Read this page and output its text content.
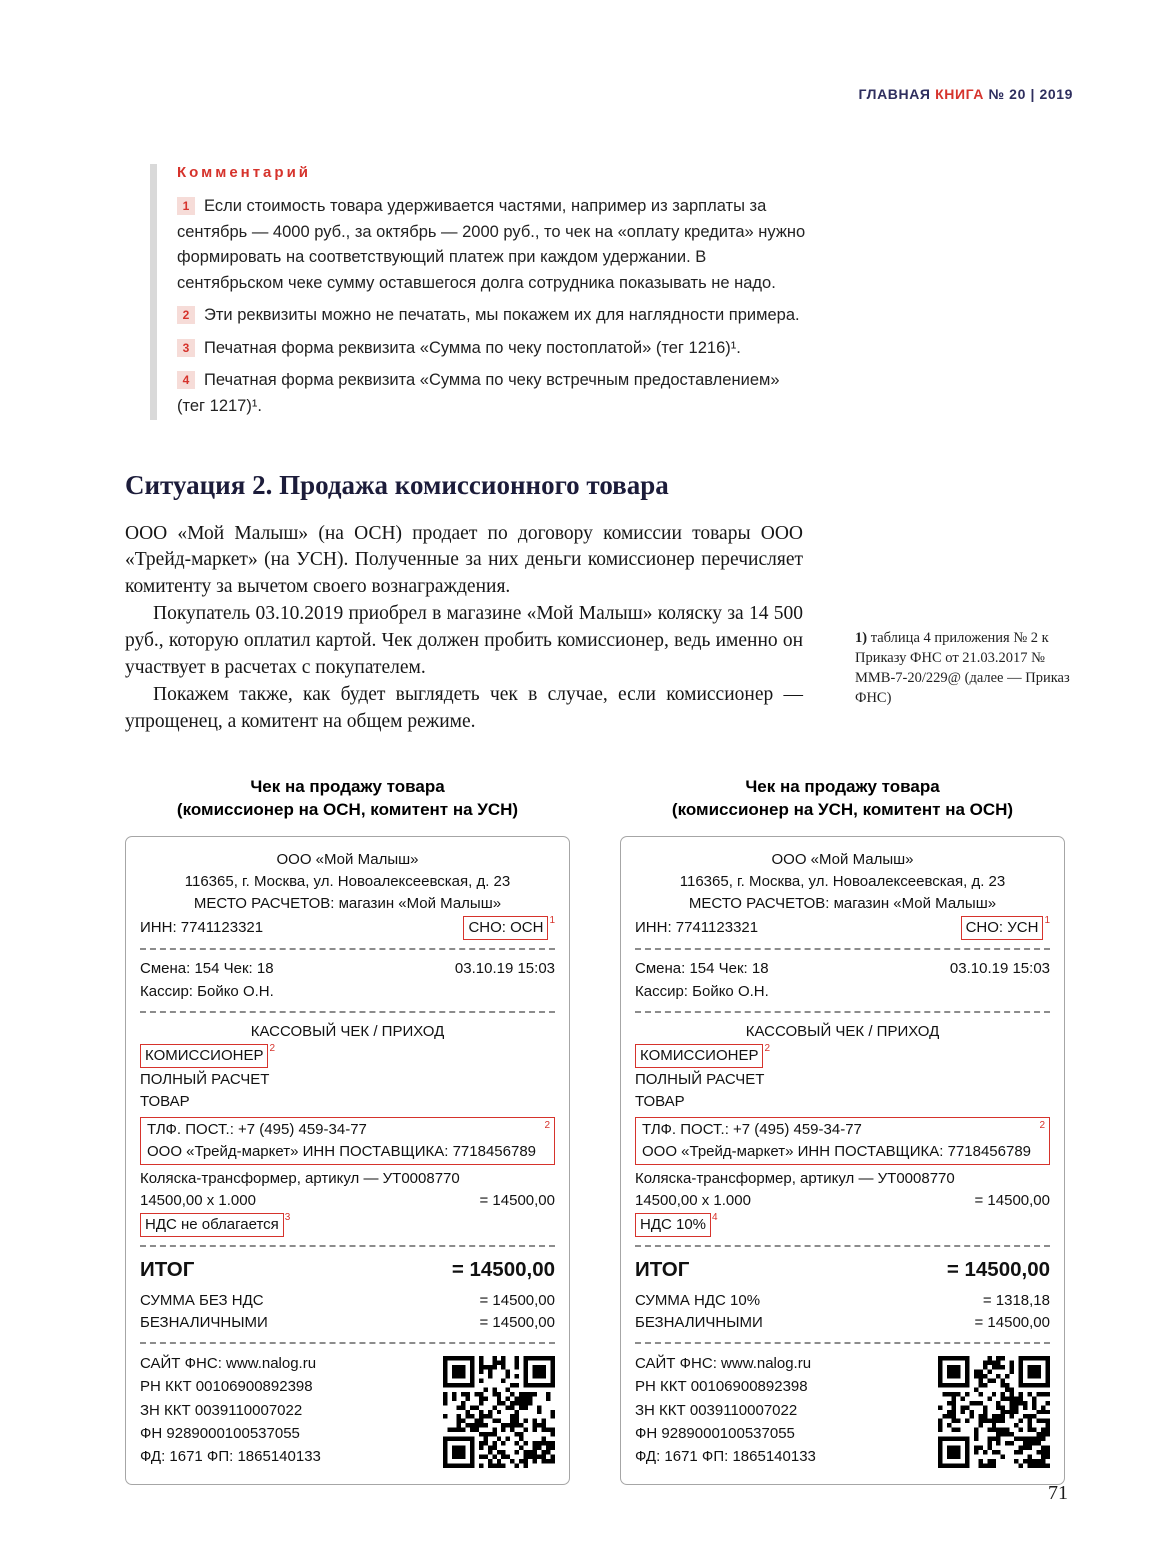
ГЛАВНАЯ КНИГА № 20 | 2019
Комментарий

1 Если стоимость товара удерживается частями, например из зарплаты за сентябрь — 4000 руб., за октябрь — 2000 руб., то чек на «оплату кредита» нужно формировать на соответствующий платеж при каждом удержании. В сентябрьском чеке сумму оставшегося долга сотрудника показывать не надо.

2 Эти реквизиты можно не печатать, мы покажем их для наглядности примера.

3 Печатная форма реквизита «Сумма по чеку постоплатой» (тег 1216)¹.

4 Печатная форма реквизита «Сумма по чеку встречным предоставлением» (тег 1217)¹.

Ситуация 2. Продажа комиссионного товара

ООО «Мой Малыш» (на ОСН) продает по договору комиссии товары ООО «Трейд-маркет» (на УСН). Полученные за них деньги комиссионер перечисляет комитенту за вычетом своего вознаграждения.

Покупатель 03.10.2019 приобрел в магазине «Мой Малыш» коляску за 14 500 руб., которую оплатил картой. Чек должен пробить комиссионер, ведь именно он участвует в расчетах с покупателем.

Покажем также, как будет выглядеть чек в случае, если комиссионер — упрощенец, а комитент на общем режиме.

1) таблица 4 приложения № 2 к Приказу ФНС от 21.03.2017 № ММВ-7-20/229@ (далее — Приказ ФНС)
Чек на продажу товара
(комиссионер на ОСН, комитент на УСН)
ООО «Мой Малыш»
116365, г. Москва, ул. Новоалексеевская, д. 23
МЕСТО РАСЧЕТОВ: магазин «Мой Малыш»
ИНН: 7741123321	СНО: ОСН $^1$
Смена: 154 Чек: 18	03.10.19 15:03
Кассир: Бойко О.Н.
КАССОВЫЙ ЧЕК / ПРИХОД
КОМИССИОНЕР $^2$
ПОЛНЫЙ РАСЧЕТ
ТОВАР
ТЛФ. ПОСТ.: +7 (495) 459-34-77
ООО «Трейд-маркет» ИНН ПОСТАВЩИКА: 7718456789
2
Коляска-трансформер, артикул — УТ0008770
14500,00 x 1.000	= 14500,00
НДС не облагается $^3$
ИТОГ	= 14500,00
СУММА БЕЗ НДС	= 14500,00
БЕЗНАЛИЧНЫМИ	= 14500,00
САЙТ ФНС: www.nalog.ru
РН ККТ 00106900892398
ЗН ККТ 0039110007022
ФН 9289000100537055
ФД: 1671 ФП: 1865140133
Чек на продажу товара
(комиссионер на УСН, комитент на ОСН)
ООО «Мой Малыш»
116365, г. Москва, ул. Новоалексеевская, д. 23
МЕСТО РАСЧЕТОВ: магазин «Мой Малыш»
ИНН: 7741123321	СНО: УСН $^1$
Смена: 154 Чек: 18	03.10.19 15:03
Кассир: Бойко О.Н.
КАССОВЫЙ ЧЕК / ПРИХОД
КОМИССИОНЕР $^2$
ПОЛНЫЙ РАСЧЕТ
ТОВАР
ТЛФ. ПОСТ.: +7 (495) 459-34-77
ООО «Трейд-маркет» ИНН ПОСТАВЩИКА: 7718456789
2
Коляска-трансформер, артикул — УТ0008770
14500,00 x 1.000	= 14500,00
НДС 10% $^4$
ИТОГ	= 14500,00
СУММА НДС 10%	= 1318,18
БЕЗНАЛИЧНЫМИ	= 14500,00
САЙТ ФНС: www.nalog.ru
РН ККТ 00106900892398
ЗН ККТ 0039110007022
ФН 9289000100537055
ФД: 1671 ФП: 1865140133
71
